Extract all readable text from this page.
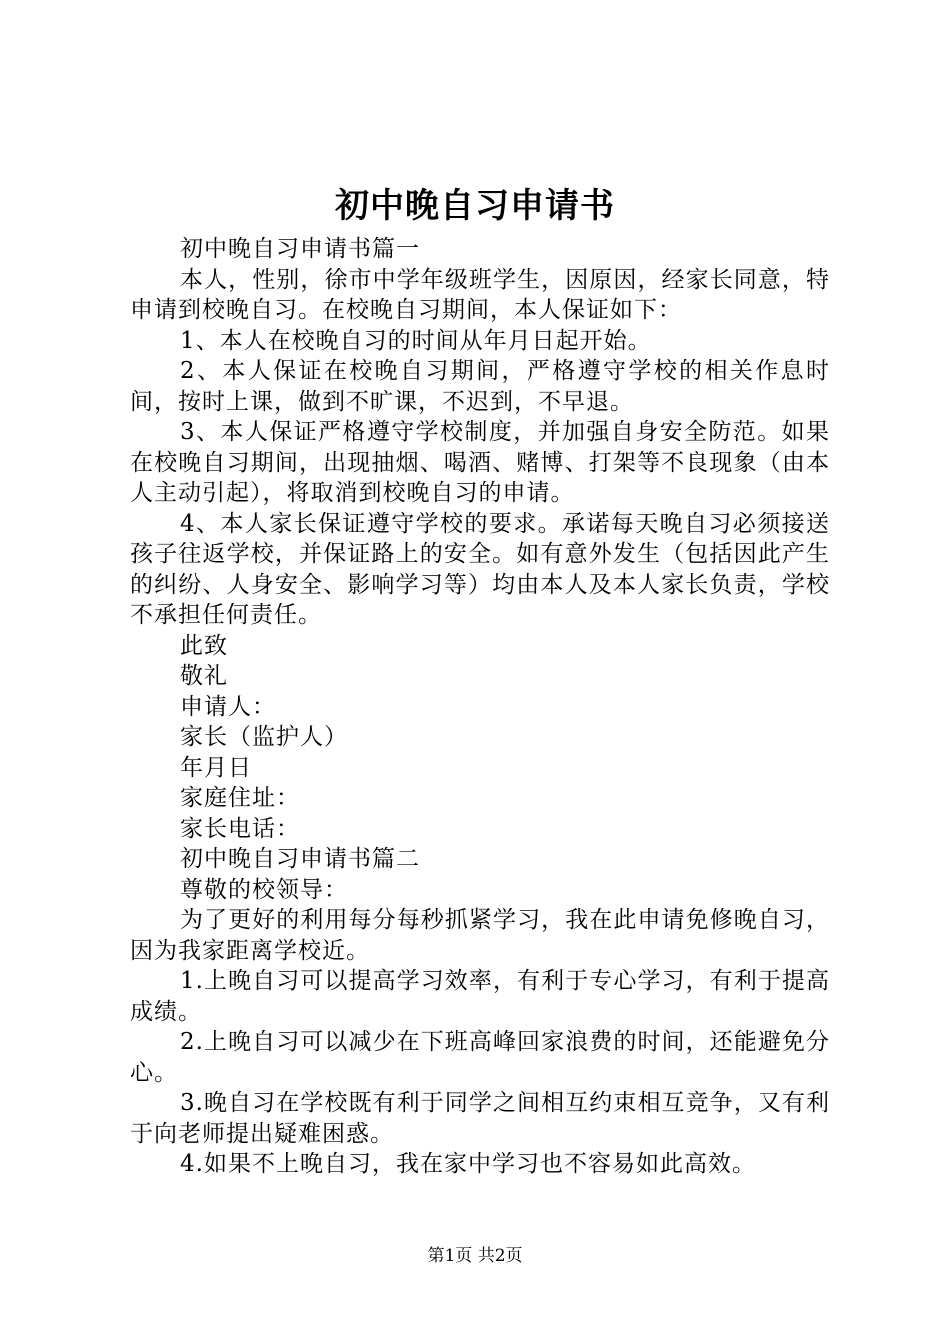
初中晚自习申请书

初中晚自习申请书篇一

本人，性别，徐市中学年级班学生，因原因，经家长同意，特申请到校晚自习。在校晚自习期间，本人保证如下：

1、本人在校晚自习的时间从年月日起开始。

2、本人保证在校晚自习期间，严格遵守学校的相关作息时间，按时上课，做到不旷课，不迟到，不早退。

3、本人保证严格遵守学校制度，并加强自身安全防范。如果在校晚自习期间，出现抽烟、喝酒、赌博、打架等不良现象（由本人主动引起），将取消到校晚自习的申请。

4、本人家长保证遵守学校的要求。承诺每天晚自习必须接送孩子往返学校，并保证路上的安全。如有意外发生（包括因此产生的纠纷、人身安全、影响学习等）均由本人及本人家长负责，学校不承担任何责任。

此致

敬礼

申请人：

家长（监护人）

年月日

家庭住址：

家长电话：

初中晚自习申请书篇二

尊敬的校领导：

为了更好的利用每分每秒抓紧学习，我在此申请免修晚自习，因为我家距离学校近。

1.上晚自习可以提高学习效率，有利于专心学习，有利于提高成绩。

2.上晚自习可以减少在下班高峰回家浪费的时间，还能避免分心。

3.晚自习在学校既有利于同学之间相互约束相互竞争，又有利于向老师提出疑难困惑。

4.如果不上晚自习，我在家中学习也不容易如此高效。

第1页 共2页
